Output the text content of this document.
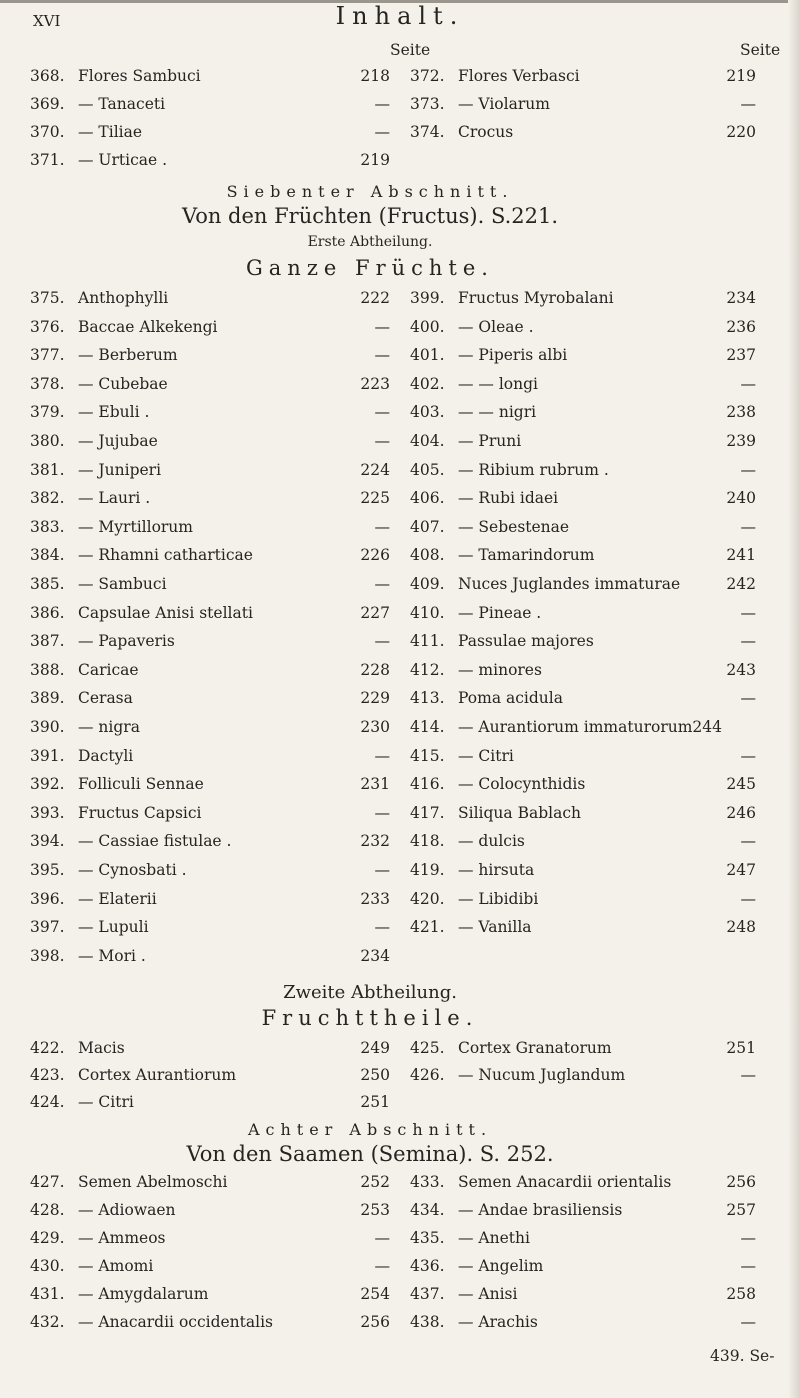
XVI	Inhalt.
Seite	Seite
368. Flores Sambuci	218 372. Flores Verbasci	219
369. — Tanaceti	— 373. — Violarum	—
370. — Tiliae	— 374. Crocus	220
371. — Urticae .	219
Siebenter Abschnitt.
Von den Früchten (Fructus). S.221.
Erste Abtheilung.
Ganze Früchte.
375. Anthophylli	222 399. Fructus Myrobalani	234
376. Baccae Alkekengi	— 400. — Oleae .	236
377. — Berberum	— 401. — Piperis albi	237
378. — Cubebae	223 402. — — longi	—
379. — Ebuli .	— 403. — — nigri	238
380. — Jujubae	— 404. — Pruni	239
381. — Juniperi	224 405. — Ribium rubrum .	—
382. — Lauri .	225 406. — Rubi idaei	240
383. — Myrtillorum	— 407. — Sebestenae	—
384. — Rhamni catharticae	226 408. — Tamarindorum	241
385. — Sambuci	— 409. Nuces Juglandes immaturae	242
386. Capsulae Anisi stellati	227 410. — Pineae .	—
387. — Papaveris	— 411. Passulae majores	—
388. Caricae	228 412. — minores	243
389. Cerasa	229 413. Poma acidula	—
390. — nigra	230 414. — Aurantiorum immaturorum244
391. Dactyli	— 415. — Citri	—
392. Folliculi Sennae	231 416. — Colocynthidis	245
393. Fructus Capsici	— 417. Siliqua Bablach	246
394. — Cassiae fistulae .	232 418. — dulcis	—
395. — Cynosbati .	— 419. — hirsuta	247
396. — Elaterii	233 420. — Libidibi	—
397. — Lupuli	— 421. — Vanilla	248
398. — Mori .	234
Zweite Abtheilung.
Fruchttheile.
422. Macis	249 425. Cortex Granatorum	251
423. Cortex Aurantiorum	250 426. — Nucum Juglandum	—
424. — Citri	251
Achter Abschnitt.
Von den Saamen (Semina). S. 252.
427. Semen Abelmoschi	252 433. Semen Anacardii orientalis	256
428. — Adiowaen	253 434. — Andae brasiliensis	257
429. — Ammeos	— 435. — Anethi	—
430. — Amomi	— 436. — Angelim	—
431. — Amygdalarum	254 437. — Anisi	258
432. — Anacardii occidentalis	256 438. — Arachis	—
439. Se-
